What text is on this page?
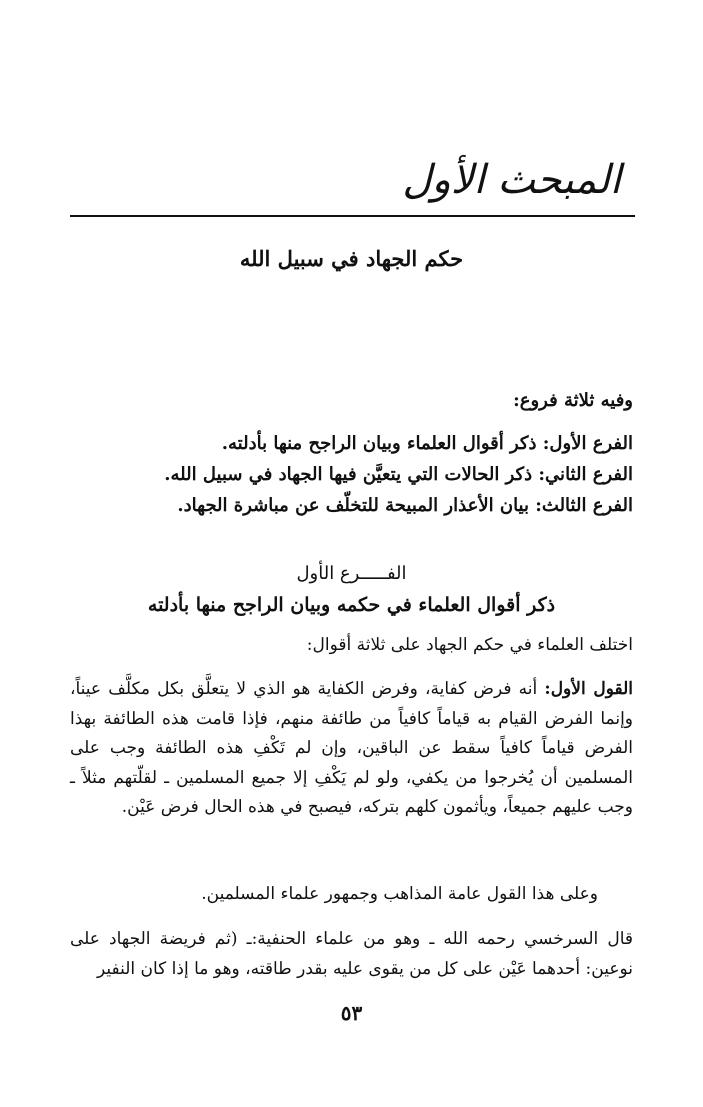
المبحث الأول
حكم الجهاد في سبيل الله
وفيه ثلاثة فروع:
الفرع الأول: ذكر أقوال العلماء وبيان الراجح منها بأدلته.
الفرع الثاني: ذكر الحالات التي يتعيَّن فيها الجهاد في سبيل الله.
الفرع الثالث: بيان الأعذار المبيحة للتخلّف عن مباشرة الجهاد.
الفـــــرع الأول
ذكر أقوال العلماء في حكمه وبيان الراجح منها بأدلته
اختلف العلماء في حكم الجهاد على ثلاثة أقوال:

القول الأول: أنه فرض كفاية، وفرض الكفاية هو الذي لا يتعلَّق بكل مكلَّف عيناً، وإنما الفرض القيام به قياماً كافياً من طائفة منهم، فإذا قامت هذه الطائفة بهذا الفرض قياماً كافياً سقط عن الباقين، وإن لم تَكْفِ هذه الطائفة وجب على المسلمين أن يُخرجوا من يكفي، ولو لم يَكْفِ إلا جميع المسلمين ـ لقلّتهم مثلاً ـ وجب عليهم جميعاً، ويأثمون كلهم بتركه، فيصبح في هذه الحال فرض عَيْن.

وعلى هذا القول عامة المذاهب وجمهور علماء المسلمين.

قال السرخسي رحمه الله ـ وهو من علماء الحنفية:ـ (ثم فريضة الجهاد على نوعين: أحدهما عَيْن على كل من يقوى عليه بقدر طاقته، وهو ما إذا كان النفير

٥٣
